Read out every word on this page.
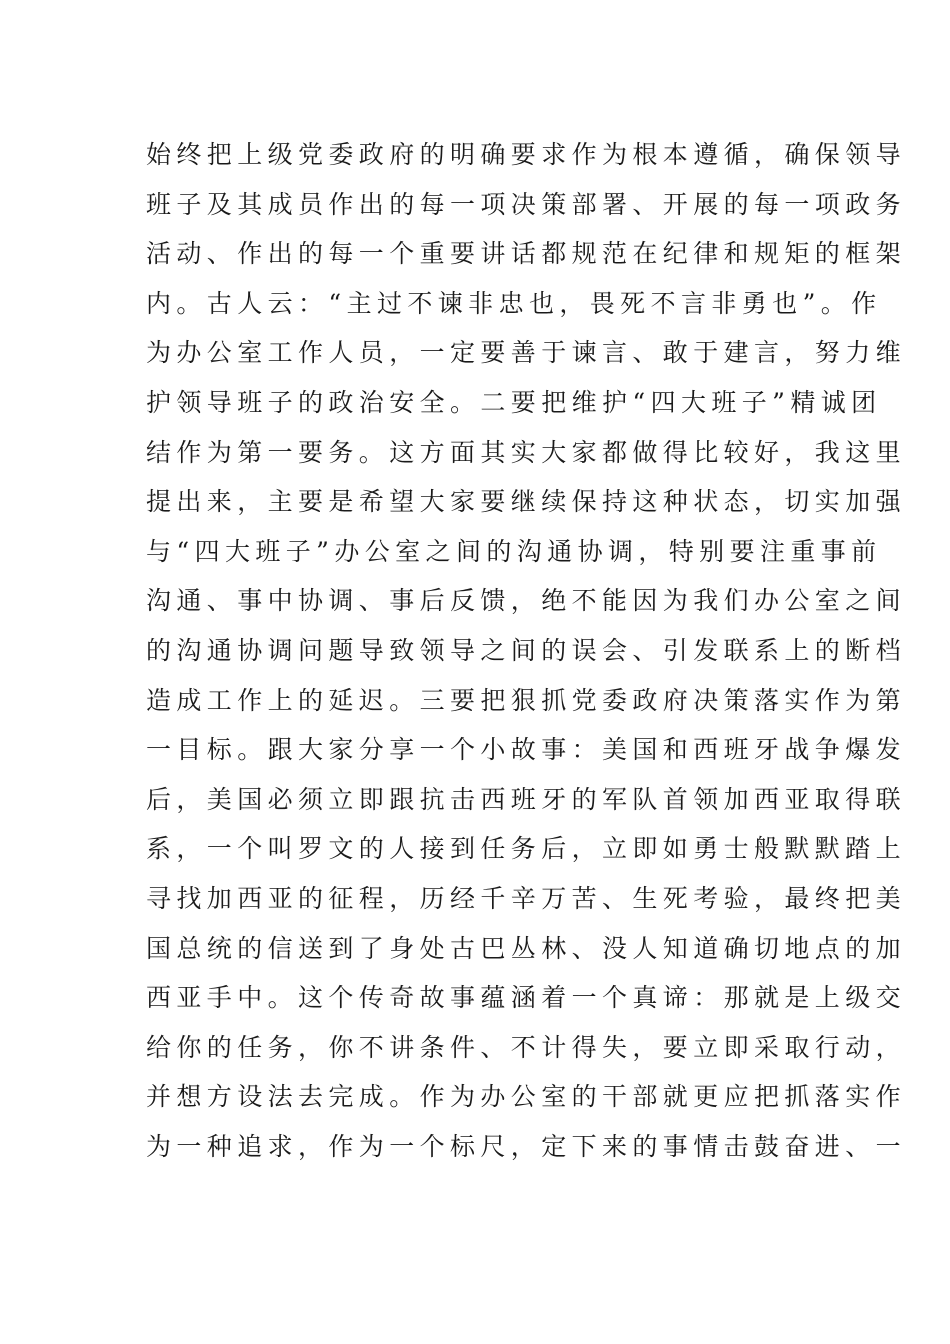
始终把上级党委政府的明确要求作为根本遵循，确保领导
班子及其成员作出的每一项决策部署、开展的每一项政务
活动、作出的每一个重要讲话都规范在纪律和规矩的框架
内。古人云：“主过不谏非忠也，畏死不言非勇也”。作
为办公室工作人员，一定要善于谏言、敢于建言，努力维
护领导班子的政治安全。二要把维护“四大班子”精诚团
结作为第一要务。这方面其实大家都做得比较好，我这里
提出来，主要是希望大家要继续保持这种状态，切实加强
与“四大班子”办公室之间的沟通协调，特别要注重事前
沟通、事中协调、事后反馈，绝不能因为我们办公室之间
的沟通协调问题导致领导之间的误会、引发联系上的断档
造成工作上的延迟。三要把狠抓党委政府决策落实作为第
一目标。跟大家分享一个小故事：美国和西班牙战争爆发
后，美国必须立即跟抗击西班牙的军队首领加西亚取得联
系，一个叫罗文的人接到任务后，立即如勇士般默默踏上
寻找加西亚的征程，历经千辛万苦、生死考验，最终把美
国总统的信送到了身处古巴丛林、没人知道确切地点的加
西亚手中。这个传奇故事蕴涵着一个真谛：那就是上级交
给你的任务，你不讲条件、不计得失，要立即采取行动，
并想方设法去完成。作为办公室的干部就更应把抓落实作
为一种追求，作为一个标尺，定下来的事情击鼓奋进、一
